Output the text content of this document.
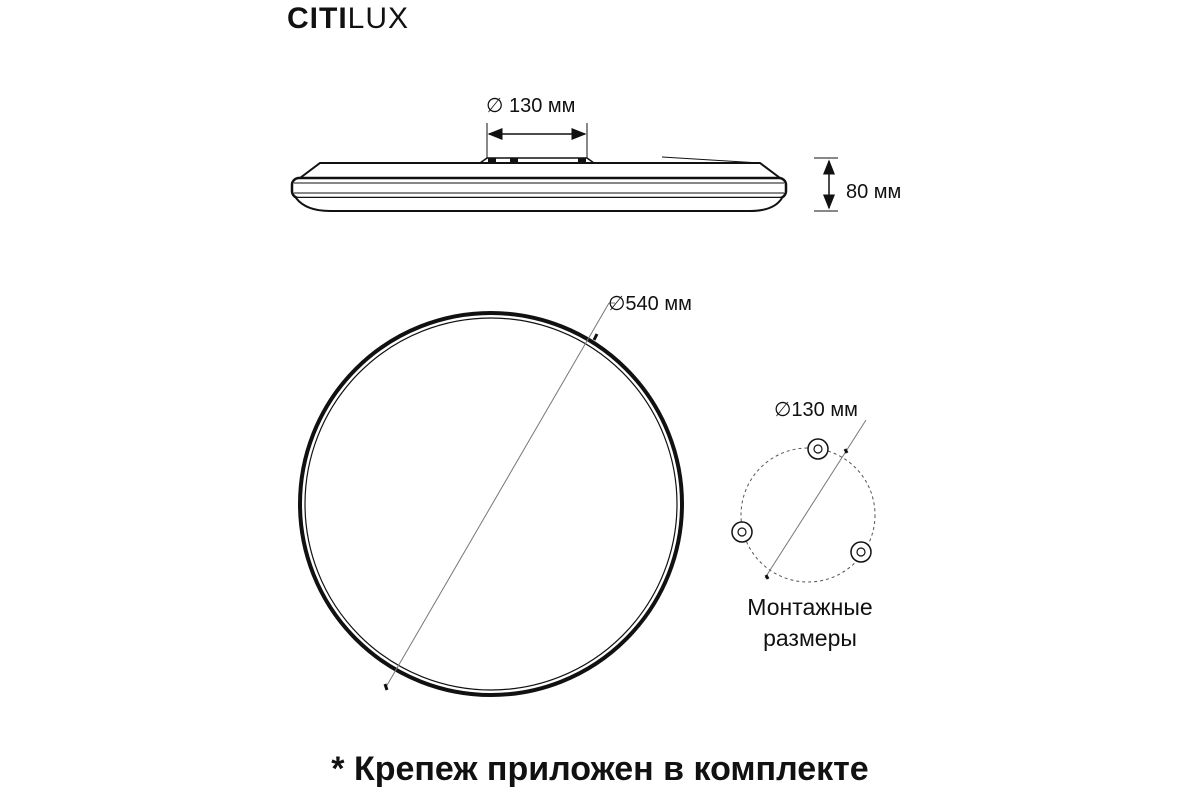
CITILUX
∅ 130 мм
80 мм
∅540 мм
∅130 мм
Монтажные
размеры
* Крепеж приложен в комплекте
